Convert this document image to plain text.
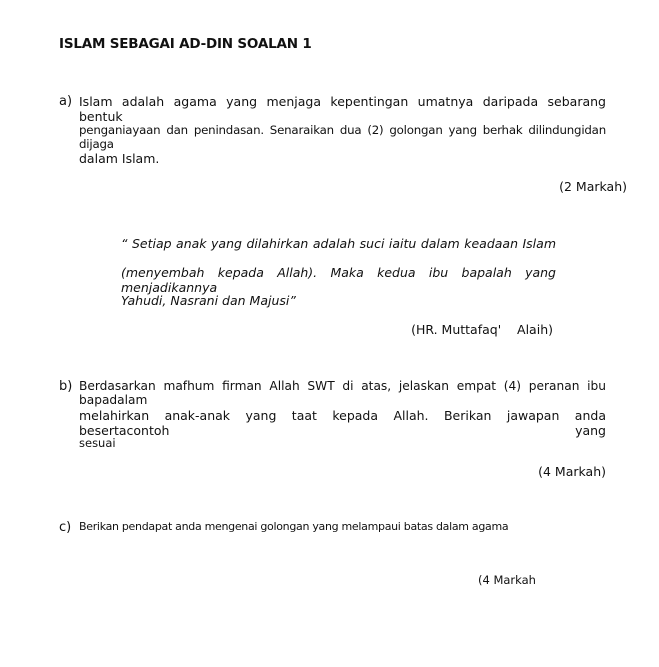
ISLAM SEBAGAI AD-DIN SOALAN 1
a) Islam adalah agama yang menjaga kepentingan umatnya daripada sebarang bentuk
penganiayaan dan penindasan. Senaraikan dua (2) golongan yang berhak dilindungidan dijaga
dalam Islam.
(2 Markah)
“ Setiap anak yang dilahirkan adalah suci iaitu dalam keadaan Islam
(menyembah kepada Allah). Maka kedua ibu bapalah yang menjadikannya
Yahudi, Nasrani dan Majusi”
(HR. Muttafaq'    Alaih)
b) Berdasarkan mafhum firman Allah SWT di atas, jelaskan empat (4) peranan ibu bapadalam
melahirkan anak-anak yang taat kepada Allah. Berikan jawapan anda besertacontoh yang
sesuai
(4 Markah)
c) Berikan pendapat anda mengenai golongan yang melampaui batas dalam agama
(4 Markah
